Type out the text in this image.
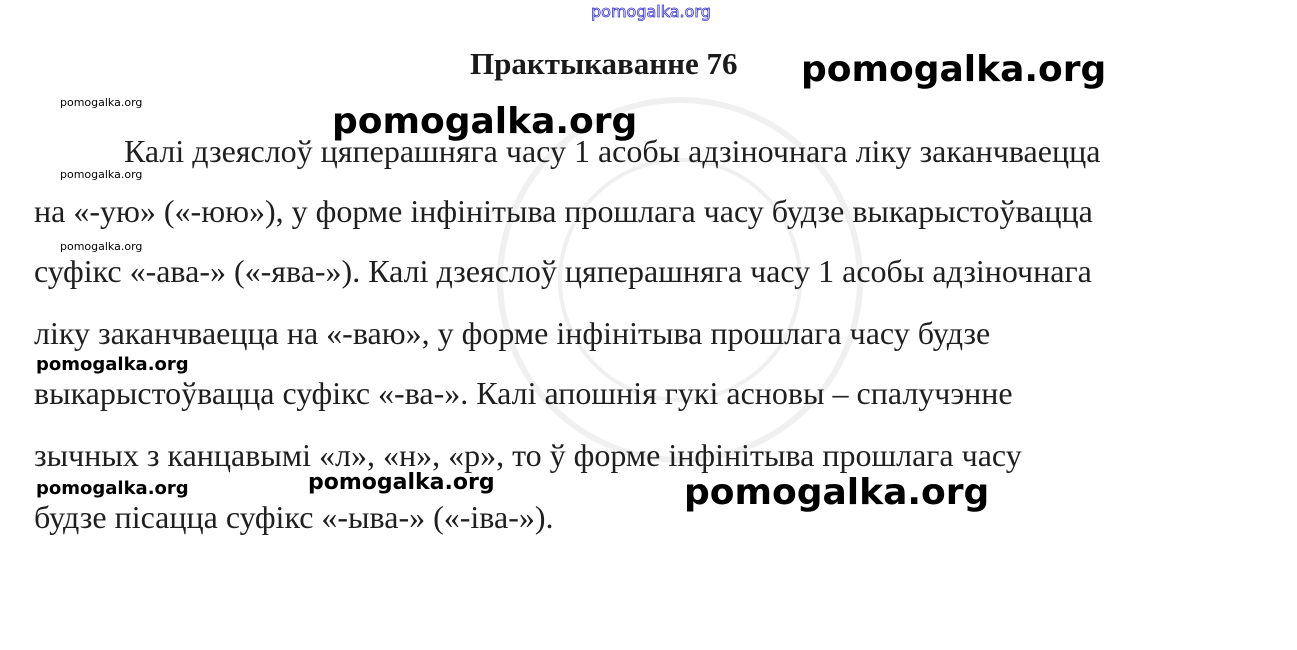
pomogalka.org
Практыкаванне 76 pomogalka.org
pomogalka.org	pomogalka.org
Калі дзеяслоў цяперашняга часу 1 асобы адзіночнага ліку заканчваецца
pomogalka.org
на «-ую» («-юю»), у форме інфінітыва прошлага часу будзе выкарыстоўвацца
pomogalka.org
суфікс «-ава-» («-ява-»). Калі дзеяслоў цяперашняга часу 1 асобы адзіночнага
ліку заканчваецца на «-ваю», у форме інфінітыва прошлага часу будзе
pomogalka.org
выкарыстоўвацца суфікс «-ва-». Калі апошнія гукі асновы – спалучэнне
зычных з канцавымі «л», «н», «р», то ў форме інфінітыва прошлага часу
pomogalka.org	pomogalka.org
pomogalka.org
будзе пісацца суфікс «-ыва-» («-іва-»).
